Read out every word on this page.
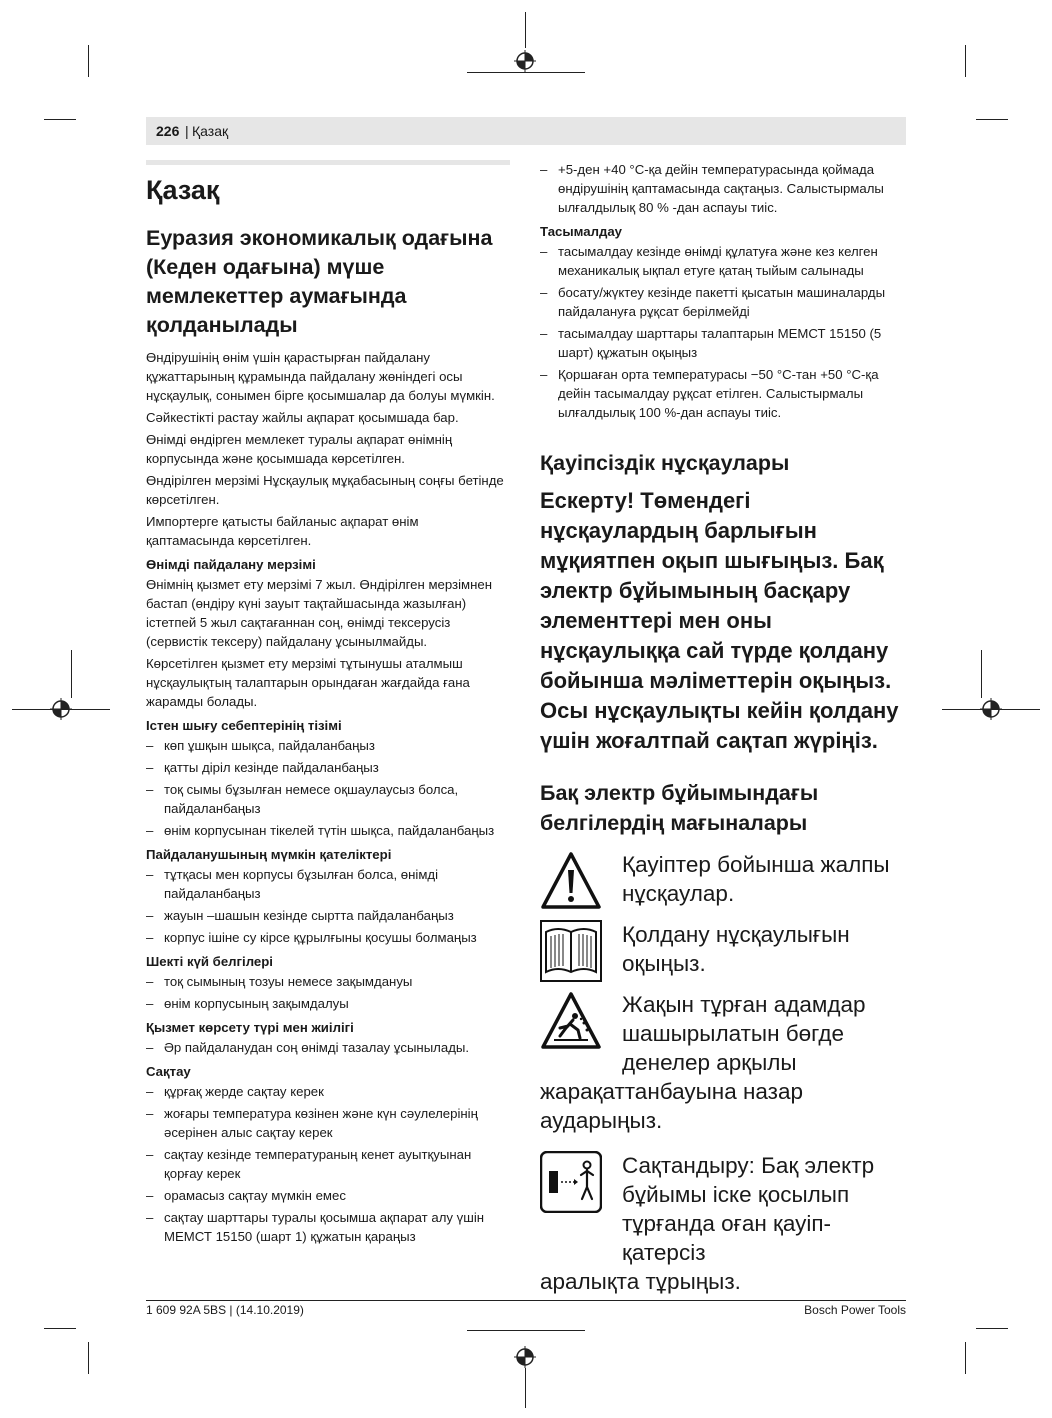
226 | Қазақ
Қазақ
Еуразия экономикалық одағына (Кеден одағына) мүше мемлекеттер аумағында қолданылады

Өндірушінің өнім үшін қарастырған пайдалану құжаттарының құрамында пайдалану жөніндегі осы нұсқаулық, сонымен бірге қосымшалар да болуы мүмкін.

Сәйкестікті растау жайлы ақпарат қосымшада бар.

Өнімді өндірген мемлекет туралы ақпарат өнімнің корпусында және қосымшада көрсетілген.

Өндірілген мерзімі Нұсқаулық мұқабасының соңғы бетінде көрсетілген.

Импортерге қатысты байланыс ақпарат өнім қаптамасында көрсетілген.

Өнімді пайдалану мерзімі

Өнімнің қызмет ету мерзімі 7 жыл. Өндірілген мерзімнен бастап (өндіру күні зауыт тақтайшасында жазылған) істетпей 5 жыл сақтағаннан соң, өнімді тексерусіз (сервистік тексеру) пайдалану ұсынылмайды.

Көрсетілген қызмет ету мерзімі тұтынушы аталмыш нұсқаулықтың талаптарын орындаған жағдайда ғана жарамды болады.

Істен шығу себептерінің тізімі
– көп ұшқын шықса, пайдаланбаңыз
– қатты діріл кезінде пайдаланбаңыз
– тоқ сымы бұзылған немесе оқшаулаусыз болса, пайдаланбаңыз
– өнім корпусынан тікелей түтін шықса, пайдаланбаңыз
Пайдаланушының мүмкін қателіктері
– тұтқасы мен корпусы бұзылған болса, өнімді пайдаланбаңыз
– жауын –шашын кезінде сыртта пайдаланбаңыз
– корпус ішіне су кірсе құрылғыны қосушы болмаңыз
Шекті күй белгілері
– тоқ сымының тозуы немесе зақымдануы
– өнім корпусының зақымдалуы
Қызмет көрсету түрі мен жиілігі
– Әр пайдаланудан соң өнімді тазалау ұсынылады.
Сақтау
– құрғақ жерде сақтау керек
– жоғары температура көзінен және күн сәулелерінің әсерінен алыс сақтау керек
– сақтау кезінде температураның кенет ауытқуынан қорғау керек
– орамасыз сақтау мүмкін емес
– сақтау шарттары туралы қосымша ақпарат алу үшін МЕМСТ 15150 (шарт 1) құжатын қараңыз
– +5-ден +40 °C-қа дейін температурасында қоймада өндірушінің қаптамасында сақтаңыз. Салыстырмалы ылғалдылық 80 % -дан аспауы тиіс.
Тасымалдау
– тасымалдау кезінде өнімді құлатуға және кез келген механикалық ықпал етуге қатаң тыйым салынады
– босату/жүктеу кезінде пакетті қысатын машиналарды пайдалануға рұқсат берілмейді
– тасымалдау шарттары талаптарын МЕМСТ 15150 (5 шарт) құжатын оқыңыз
– Қоршаған орта температурасы −50 °C-тан +50 °C-қа дейін тасымалдау рұқсат етілген. Салыстырмалы ылғалдылық 100 %-дан аспауы тиіс.
Қауіпсіздік нұсқаулары
Ескерту! Төмендегі нұсқаулардың барлығын мұқиятпен оқып шығыңыз. Бақ электр бұйымының басқару элементтері мен оны нұсқаулыққа сай түрде қолдану бойынша мәліметтерін оқыңыз. Осы нұсқаулықты кейін қолдану үшін жоғалтпай сақтап жүріңіз.
Бақ электр бұйымындағы белгілердің мағыналары
Қауіптер бойынша жалпы нұсқаулар.
Қолдану нұсқаулығын оқыңыз.
Жақын тұрған адамдар шашырылатын бөгде денелер арқылы
жарақаттанбауына назар аударыңыз.
Сақтандыру: Бақ электр бұйымы іске қосылып тұрғанда оған қауіп-қатерсіз
аралықта тұрыңыз.
1 609 92A 5BS | (14.10.2019)	Bosch Power Tools
